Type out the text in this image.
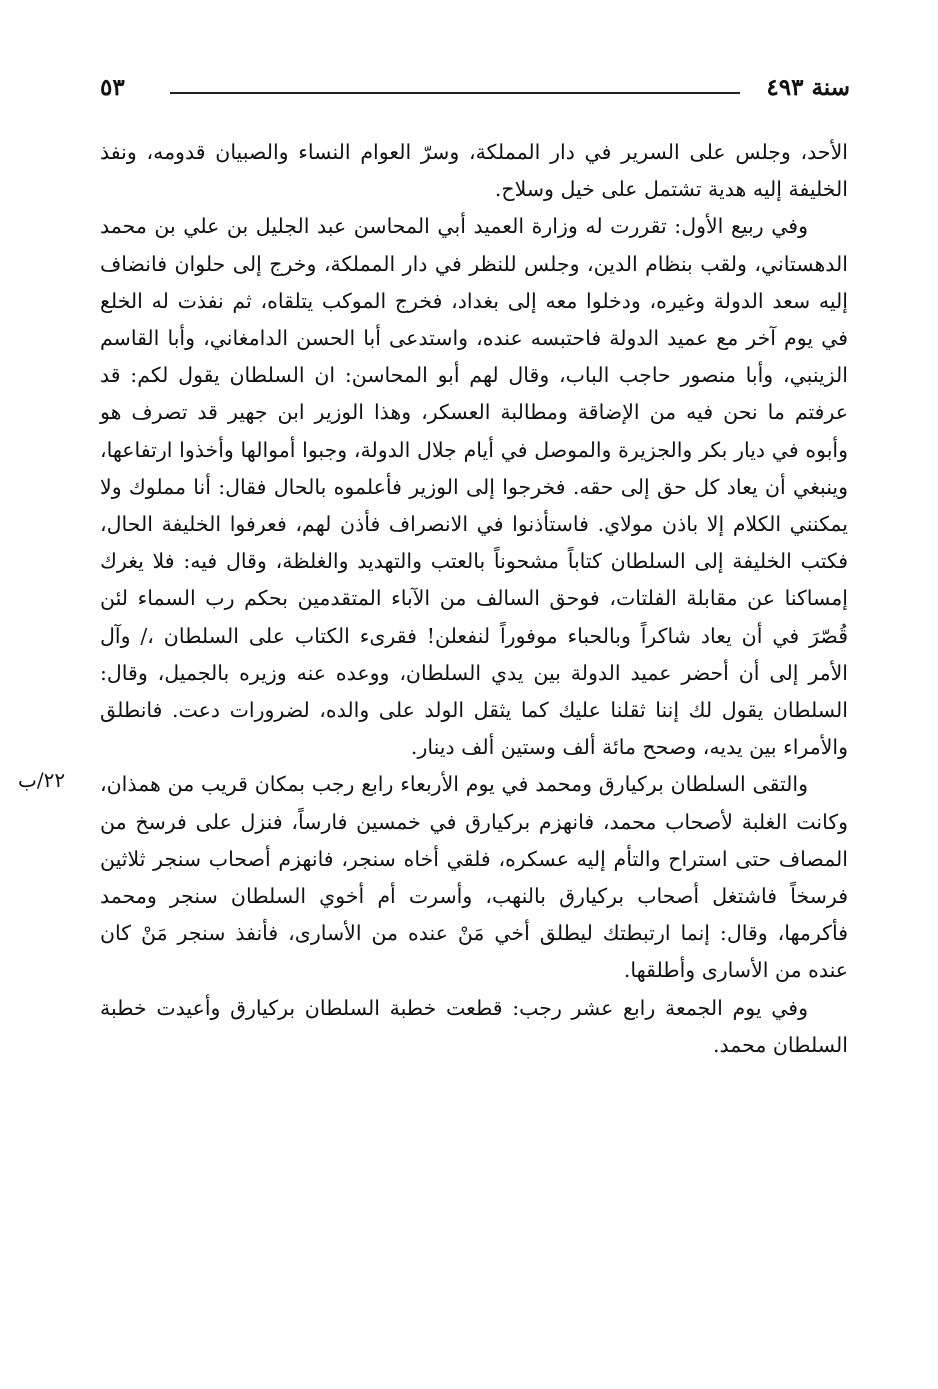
سنة ٤٩٣
٥٣

الأحد، وجلس على السرير في دار المملكة، وسرّ العوام النساء والصبيان قدومه، ونفذ الخليفة إليه هدية تشتمل على خيل وسلاح.

وفي ربيع الأول: تقررت له وزارة العميد أبي المحاسن عبد الجليل بن علي بن محمد الدهستاني، ولقب بنظام الدين، وجلس للنظر في دار المملكة، وخرج إلى حلوان فانضاف إليه سعد الدولة وغيره، ودخلوا معه إلى بغداد، فخرج الموكب يتلقاه، ثم نفذت له الخلع في يوم آخر مع عميد الدولة فاحتبسه عنده، واستدعى أبا الحسن الدامغاني، وأبا القاسم الزينبي، وأبا منصور حاجب الباب، وقال لهم أبو المحاسن: ان السلطان يقول لكم: قد عرفتم ما نحن فيه من الإضاقة ومطالبة العسكر، وهذا الوزير ابن جهير قد تصرف هو وأبوه في ديار بكر والجزيرة والموصل في أيام جلال الدولة، وجبوا أموالها وأخذوا ارتفاعها، وينبغي أن يعاد كل حق إلى حقه. فخرجوا إلى الوزير فأعلموه بالحال فقال: أنا مملوك ولا يمكنني الكلام إلا باذن مولاي. فاستأذنوا في الانصراف فأذن لهم، فعرفوا الخليفة الحال، فكتب الخليفة إلى السلطان كتاباً مشحوناً بالعتب والتهديد والغلظة، وقال فيه: فلا يغرك إمساكنا عن مقابلة الفلتات، فوحق السالف من الآباء المتقدمين بحكم رب السماء لئن قُصّرَ في أن يعاد شاكراً وبالحباء موفوراً لنفعلن! فقرىء الكتاب على السلطان ،/ وآل الأمر إلى أن أحضر عميد الدولة بين يدي السلطان، ووعده عنه وزيره بالجميل، وقال: السلطان يقول لك إننا ثقلنا عليك كما يثقل الولد على والده، لضرورات دعت. فانطلق والأمراء بين يديه، وصحح مائة ألف وستين ألف دينار.

والتقى السلطان بركيارق ومحمد في يوم الأربعاء رابع رجب بمكان قريب من همذان، وكانت الغلبة لأصحاب محمد، فانهزم بركيارق في خمسين فارساً، فنزل على فرسخ من المصاف حتى استراح والتأم إليه عسكره، فلقي أخاه سنجر، فانهزم أصحاب سنجر ثلاثين فرسخاً فاشتغل أصحاب بركيارق بالنهب، وأسرت أم أخوي السلطان سنجر ومحمد فأكرمها، وقال: إنما ارتبطتك ليطلق أخي مَنْ عنده من الأسارى، فأنفذ سنجر مَنْ كان عنده من الأسارى وأطلقها.

وفي يوم الجمعة رابع عشر رجب: قطعت خطبة السلطان بركيارق وأعيدت خطبة السلطان محمد.

٢٢/ب
